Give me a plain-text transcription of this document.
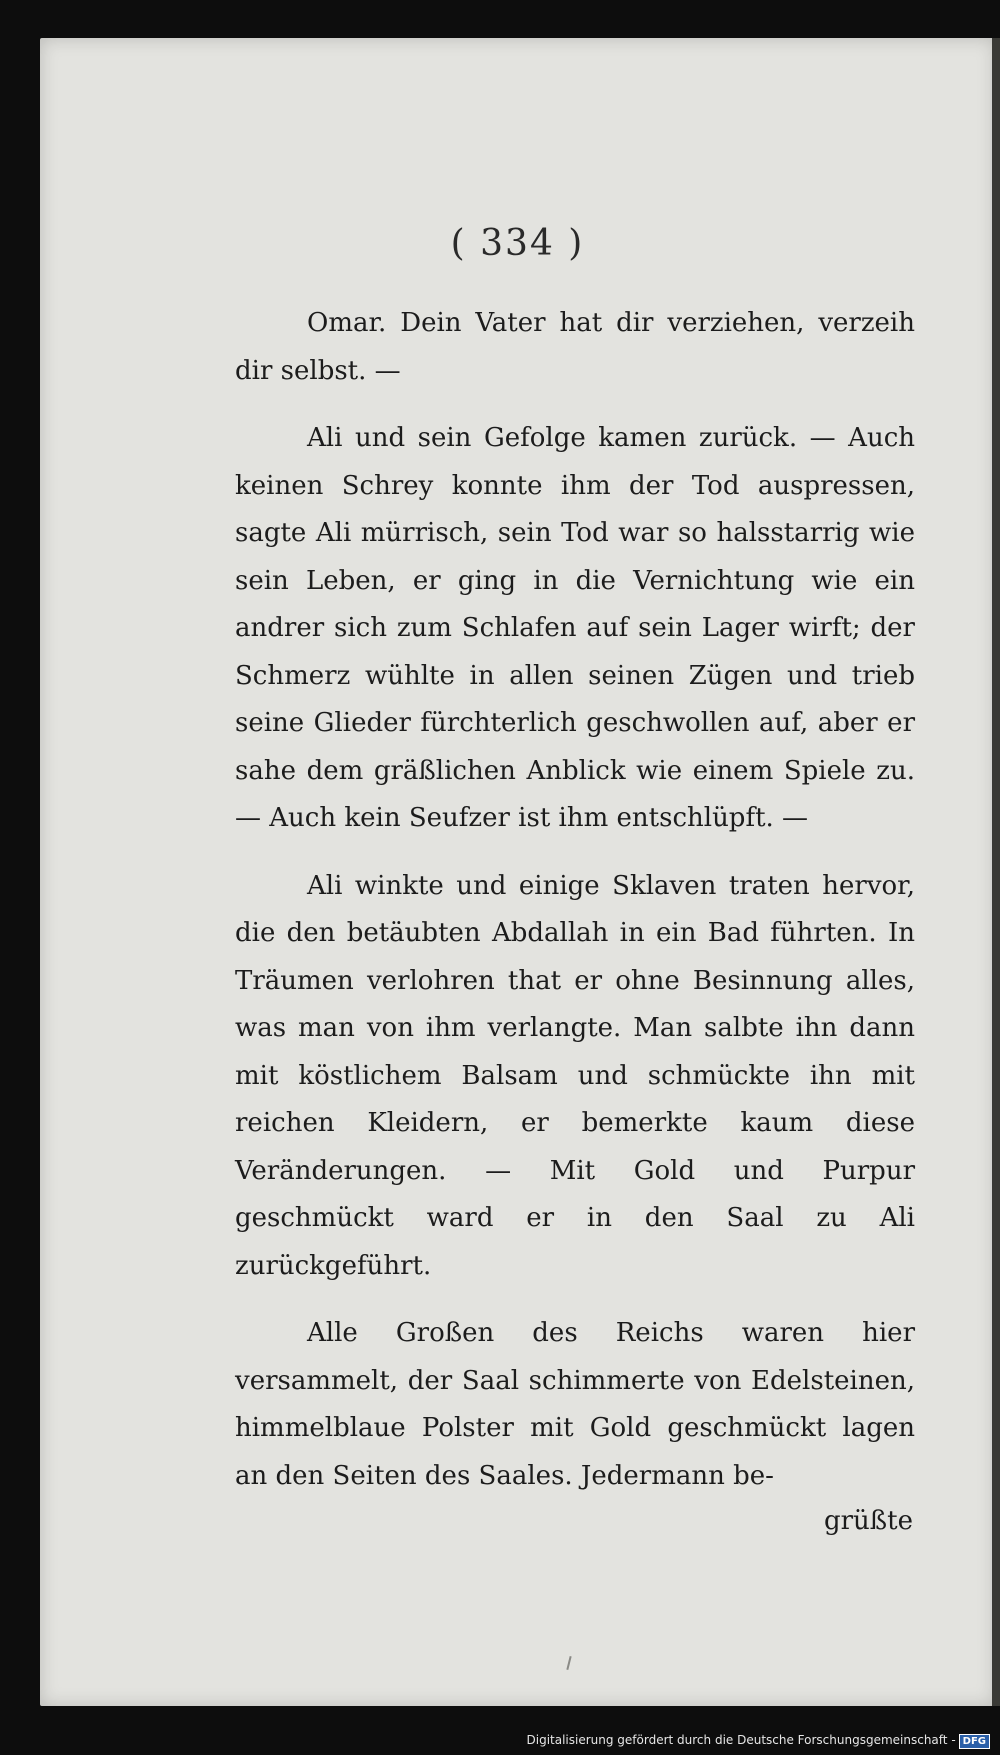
( 334 )

Omar. Dein Vater hat dir verziehen, verzeih dir selbst. —

Ali und sein Gefolge kamen zurück. — Auch keinen Schrey konnte ihm der Tod auspressen, sagte Ali mürrisch, sein Tod war so halsstarrig wie sein Leben, er ging in die Vernichtung wie ein andrer sich zum Schlafen auf sein Lager wirft; der Schmerz wühlte in allen seinen Zügen und trieb seine Glieder fürchterlich geschwollen auf, aber er sahe dem gräßlichen Anblick wie einem Spiele zu. — Auch kein Seufzer ist ihm entschlüpft. —

Ali winkte und einige Sklaven traten hervor, die den betäubten Abdallah in ein Bad führten. In Träumen verlohren that er ohne Besinnung alles, was man von ihm verlangte. Man salbte ihn dann mit köstlichem Balsam und schmückte ihn mit reichen Kleidern, er bemerkte kaum diese Veränderungen. — Mit Gold und Purpur geschmückt ward er in den Saal zu Ali zurückgeführt.

Alle Großen des Reichs waren hier versammelt, der Saal schimmerte von Edelsteinen, himmelblaue Polster mit Gold geschmückt lagen an den Seiten des Saales. Jedermann be-

grüßte
Digitalisierung gefördert durch die Deutsche Forschungsgemeinschaft - DFG
